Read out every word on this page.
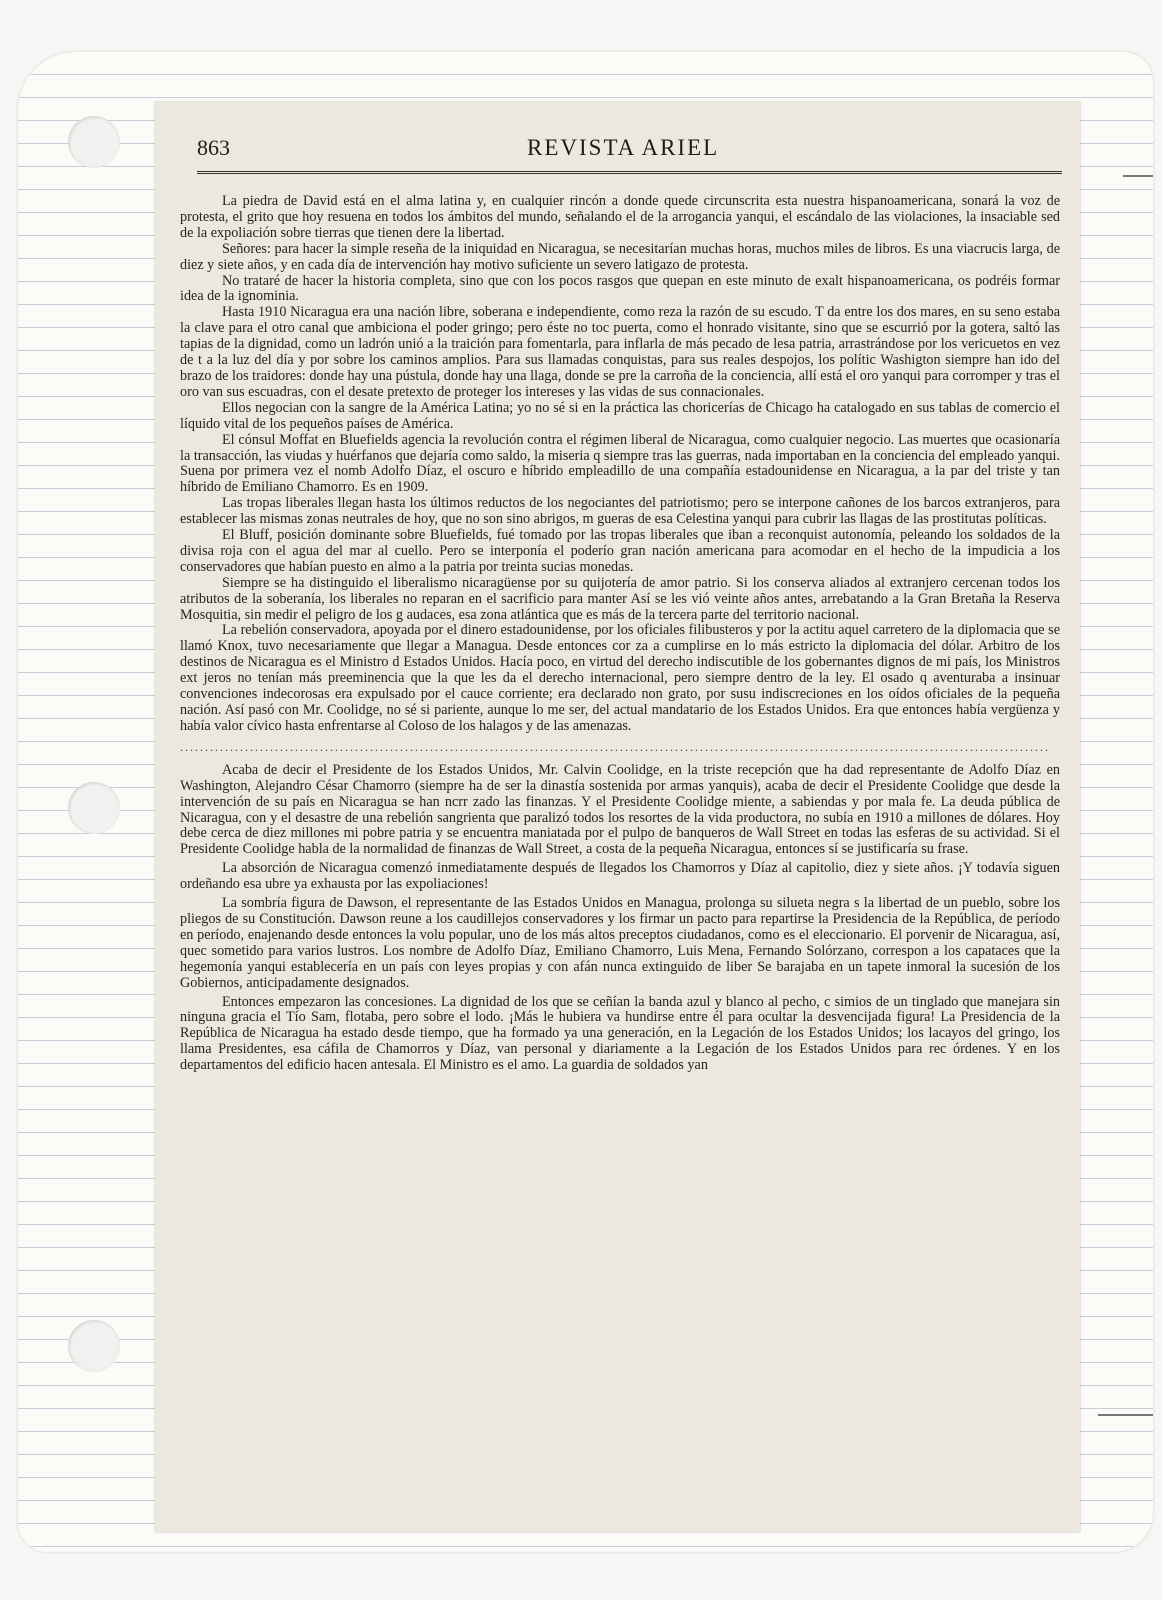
863	REVISTA ARIEL

La piedra de David está en el alma latina y, en cualquier rincón a donde quede circunscrita esta nuestra hispanoamericana, sonará la voz de protesta, el grito que hoy resuena en todos los ámbitos del mundo, señalando el de la arrogancia yanqui, el escándalo de las violaciones, la insaciable sed de la expoliación sobre tierras que tienen dere la libertad.

Señores: para hacer la simple reseña de la iniquidad en Nicaragua, se necesitarían muchas horas, muchos miles de libros. Es una viacrucis larga, de diez y siete años, y en cada día de intervención hay motivo suficiente un severo latigazo de protesta.

No trataré de hacer la historia completa, sino que con los pocos rasgos que quepan en este minuto de exalt hispanoamericana, os podréis formar idea de la ignominia.

Hasta 1910 Nicaragua era una nación libre, soberana e independiente, como reza la razón de su escudo. T da entre los dos mares, en su seno estaba la clave para el otro canal que ambiciona el poder gringo; pero éste no toc puerta, como el honrado visitante, sino que se escurrió por la gotera, saltó las tapias de la dignidad, como un ladrón unió a la traición para fomentarla, para inflarla de más pecado de lesa patria, arrastrándose por los vericuetos en vez de t a la luz del día y por sobre los caminos amplios. Para sus llamadas conquistas, para sus reales despojos, los polític Washigton siempre han ido del brazo de los traidores: donde hay una pústula, donde hay una llaga, donde se pre la carroña de la conciencia, allí está el oro yanqui para corromper y tras el oro van sus escuadras, con el desate pretexto de proteger los intereses y las vidas de sus connacionales.

Ellos negocian con la sangre de la América Latina; yo no sé si en la práctica las choricerías de Chicago ha catalogado en sus tablas de comercio el líquido vital de los pequeños países de América.

El cónsul Moffat en Bluefields agencia la revolución contra el régimen liberal de Nicaragua, como cualquier negocio. Las muertes que ocasionaría la transacción, las viudas y huérfanos que dejaría como saldo, la miseria q siempre tras las guerras, nada importaban en la conciencia del empleado yanqui. Suena por primera vez el nomb Adolfo Díaz, el oscuro e híbrido empleadillo de una compañía estadounidense en Nicaragua, a la par del triste y tan híbrido de Emiliano Chamorro. Es en 1909.

Las tropas liberales llegan hasta los últimos reductos de los negociantes del patriotismo; pero se interpone cañones de los barcos extranjeros, para establecer las mismas zonas neutrales de hoy, que no son sino abrigos, m gueras de esa Celestina yanqui para cubrir las llagas de las prostitutas políticas.

El Bluff, posición dominante sobre Bluefields, fué tomado por las tropas liberales que iban a reconquist autonomía, peleando los soldados de la divisa roja con el agua del mar al cuello. Pero se interponía el poderío gran nación americana para acomodar en el hecho de la impudicia a los conservadores que habían puesto en almo a la patria por treinta sucias monedas.

Siempre se ha distinguido el liberalismo nicaragüense por su quijotería de amor patrio. Si los conserva aliados al extranjero cercenan todos los atributos de la soberanía, los liberales no reparan en el sacrificio para manter Así se les vió veinte años antes, arrebatando a la Gran Bretaña la Reserva Mosquitia, sin medir el peligro de los g audaces, esa zona atlántica que es más de la tercera parte del territorio nacional.

La rebelión conservadora, apoyada por el dinero estadounidense, por los oficiales filibusteros y por la actitu aquel carretero de la diplomacia que se llamó Knox, tuvo necesariamente que llegar a Managua. Desde entonces cor za a cumplirse en lo más estricto la diplomacia del dólar. Arbitro de los destinos de Nicaragua es el Ministro d Estados Unidos. Hacía poco, en virtud del derecho indiscutible de los gobernantes dignos de mi país, los Ministros ext jeros no tenían más preeminencia que la que les da el derecho internacional, pero siempre dentro de la ley. El osado q aventuraba a insinuar convenciones indecorosas era expulsado por el cauce corriente; era declarado non grato, por susu indiscreciones en los oídos oficiales de la pequeña nación. Así pasó con Mr. Coolidge, no sé si pariente, aunque lo me ser, del actual mandatario de los Estados Unidos. Era que entonces había vergüenza y había valor cívico hasta enfrentarse al Coloso de los halagos y de las amenazas.

..............................................................................................................................................................................

Acaba de decir el Presidente de los Estados Unidos, Mr. Calvin Coolidge, en la triste recepción que ha dad representante de Adolfo Díaz en Washington, Alejandro César Chamorro (siempre ha de ser la dinastía sostenida por armas yanquis), acaba de decir el Presidente Coolidge que desde la intervención de su país en Nicaragua se han ncrr zado las finanzas. Y el Presidente Coolidge miente, a sabiendas y por mala fe. La deuda pública de Nicaragua, con y el desastre de una rebelión sangrienta que paralizó todos los resortes de la vida productora, no subía en 1910 a millones de dólares. Hoy debe cerca de diez millones mi pobre patria y se encuentra maniatada por el pulpo de banqueros de Wall Street en todas las esferas de su actividad. Si el Presidente Coolidge habla de la normalidad de finanzas de Wall Street, a costa de la pequeña Nicaragua, entonces sí se justificaría su frase.

La absorción de Nicaragua comenzó inmediatamente después de llegados los Chamorros y Díaz al capitolio, diez y siete años. ¡Y todavía siguen ordeñando esa ubre ya exhausta por las expoliaciones!

La sombría figura de Dawson, el representante de las Estados Unidos en Managua, prolonga su silueta negra s la libertad de un pueblo, sobre los pliegos de su Constitución. Dawson reune a los caudillejos conservadores y los firmar un pacto para repartirse la Presidencia de la República, de período en período, enajenando desde entonces la volu popular, uno de los más altos preceptos ciudadanos, como es el eleccionario. El porvenir de Nicaragua, así, quec sometido para varios lustros. Los nombre de Adolfo Díaz, Emiliano Chamorro, Luis Mena, Fernando Solórzano, correspon a los capataces que la hegemonía yanqui establecería en un país con leyes propias y con afán nunca extinguido de liber Se barajaba en un tapete inmoral la sucesión de los Gobiernos, anticipadamente designados.

Entonces empezaron las concesiones. La dignidad de los que se ceñían la banda azul y blanco al pecho, c simios de un tinglado que manejara sin ninguna gracia el Tío Sam, flotaba, pero sobre el lodo. ¡Más le hubiera va hundirse entre él para ocultar la desvencijada figura! La Presidencia de la República de Nicaragua ha estado desde tiempo, que ha formado ya una generación, en la Legación de los Estados Unidos; los lacayos del gringo, los llama Presidentes, esa cáfila de Chamorros y Díaz, van personal y diariamente a la Legación de los Estados Unidos para rec órdenes. Y en los departamentos del edificio hacen antesala. El Ministro es el amo. La guardia de soldados yan
